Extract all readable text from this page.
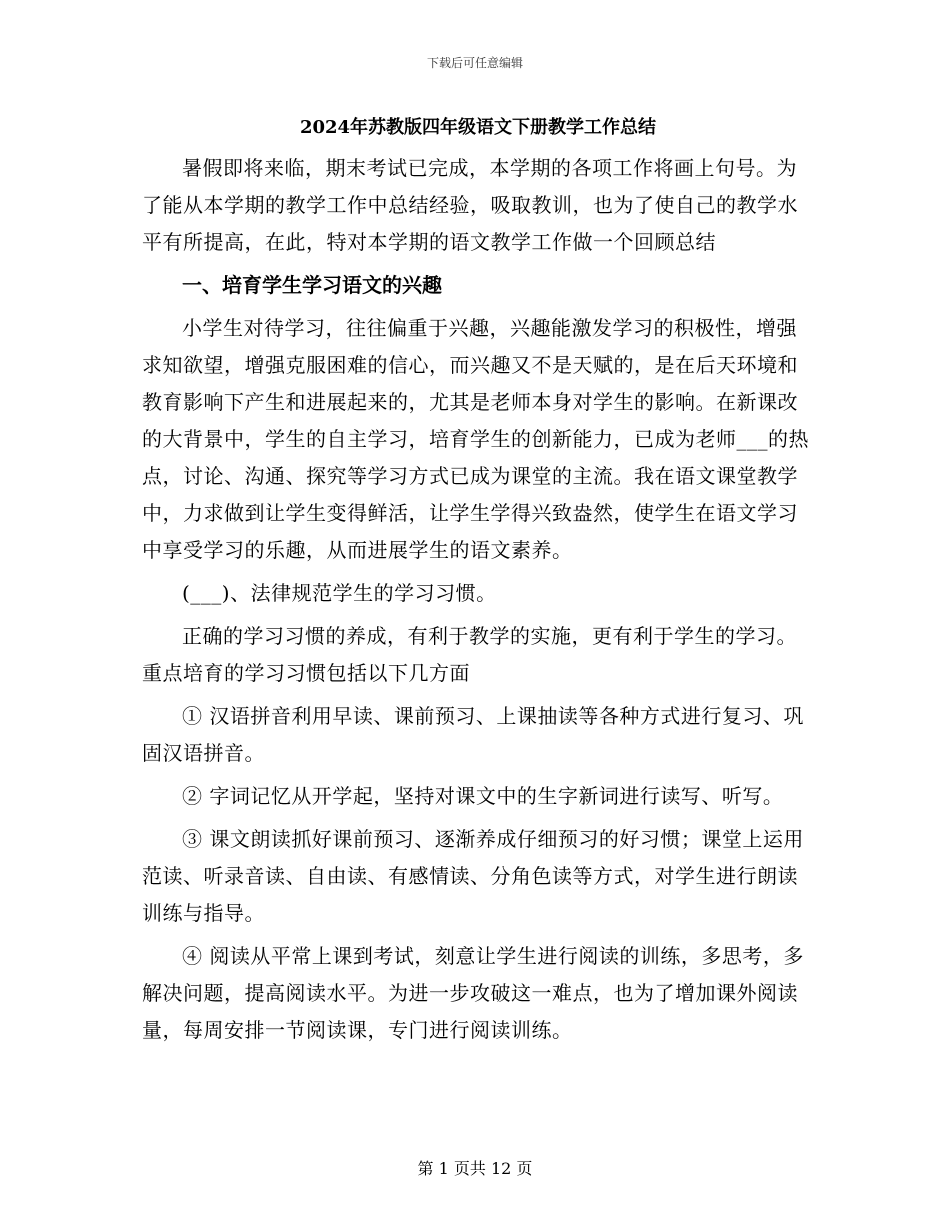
下载后可任意编辑
2024年苏教版四年级语文下册教学工作总结

暑假即将来临，期末考试已完成，本学期的各项工作将画上句号。为了能从本学期的教学工作中总结经验，吸取教训，也为了使自己的教学水平有所提高，在此，特对本学期的语文教学工作做一个回顾总结

一、培育学生学习语文的兴趣

小学生对待学习，往往偏重于兴趣，兴趣能激发学习的积极性，增强求知欲望，增强克服困难的信心，而兴趣又不是天赋的，是在后天环境和教育影响下产生和进展起来的，尤其是老师本身对学生的影响。在新课改的大背景中，学生的自主学习，培育学生的创新能力，已成为老师___的热点，讨论、沟通、探究等学习方式已成为课堂的主流。我在语文课堂教学中，力求做到让学生变得鲜活，让学生学得兴致盎然，使学生在语文学习中享受学习的乐趣，从而进展学生的语文素养。

(___)、法律规范学生的学习习惯。

正确的学习习惯的养成，有利于教学的实施，更有利于学生的学习。重点培育的学习习惯包括以下几方面

① 汉语拼音利用早读、课前预习、上课抽读等各种方式进行复习、巩固汉语拼音。

② 字词记忆从开学起，坚持对课文中的生字新词进行读写、听写。

③ 课文朗读抓好课前预习、逐渐养成仔细预习的好习惯；课堂上运用范读、听录音读、自由读、有感情读、分角色读等方式，对学生进行朗读训练与指导。

④ 阅读从平常上课到考试，刻意让学生进行阅读的训练，多思考，多解决问题，提高阅读水平。为进一步攻破这一难点，也为了增加课外阅读量，每周安排一节阅读课，专门进行阅读训练。

第 1 页共 12 页
